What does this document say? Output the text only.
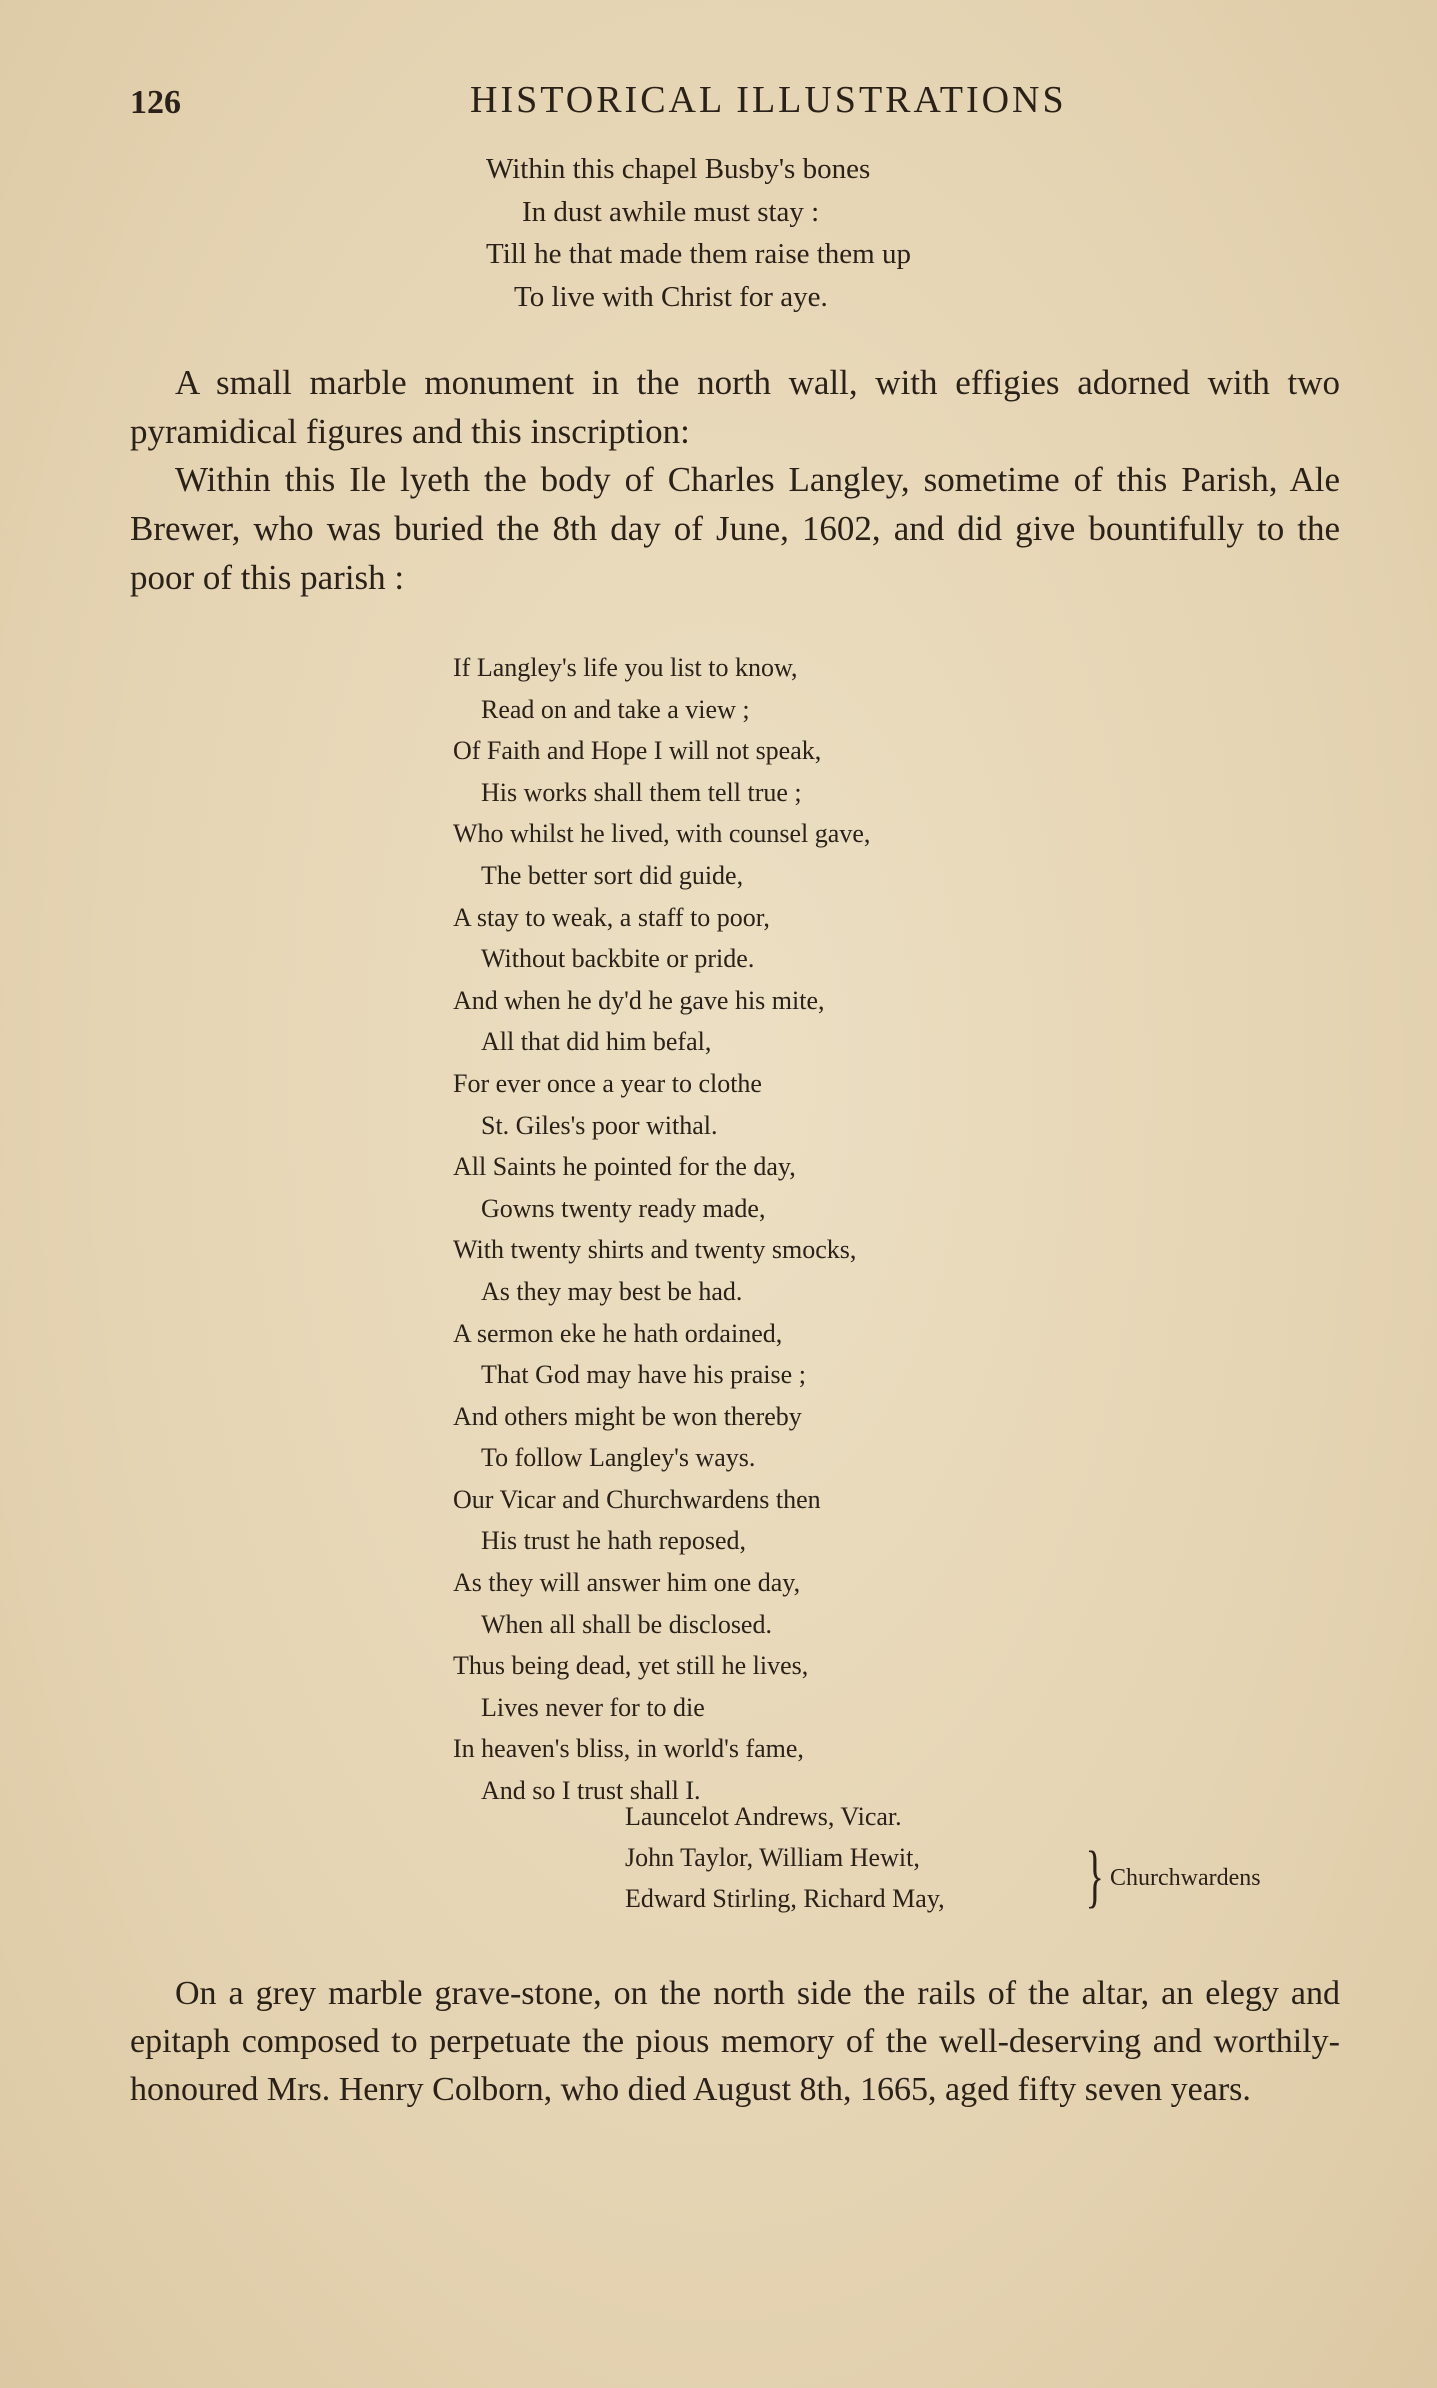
126	HISTORICAL ILLUSTRATIONS
Within this chapel Busby's bones
In dust awhile must stay :
Till he that made them raise them up
To live with Christ for aye.

A small marble monument in the north wall, with effigies adorned with two pyramidical figures and this inscription:

Within this Ile lyeth the body of Charles Langley, sometime of this Parish, Ale Brewer, who was buried the 8th day of June, 1602, and did give bountifully to the poor of this parish :

If Langley's life you list to know,
Read on and take a view ;
Of Faith and Hope I will not speak,
His works shall them tell true ;
Who whilst he lived, with counsel gave,
The better sort did guide,
A stay to weak, a staff to poor,
Without backbite or pride.
And when he dy'd he gave his mite,
All that did him befal,
For ever once a year to clothe
St. Giles's poor withal.
All Saints he pointed for the day,
Gowns twenty ready made,
With twenty shirts and twenty smocks,
As they may best be had.
A sermon eke he hath ordained,
That God may have his praise ;
And others might be won thereby
To follow Langley's ways.
Our Vicar and Churchwardens then
His trust he hath reposed,
As they will answer him one day,
When all shall be disclosed.
Thus being dead, yet still he lives,
Lives never for to die
In heaven's bliss, in world's fame,
And so I trust shall I.
Launcelot Andrews, Vicar.
John Taylor, William Hewit,
Edward Stirling, Richard May, } Churchwardens

On a grey marble grave-stone, on the north side the rails of the altar, an elegy and epitaph composed to perpetuate the pious memory of the well-deserving and worthily-honoured Mrs. Henry Colborn, who died August 8th, 1665, aged fifty seven years.
